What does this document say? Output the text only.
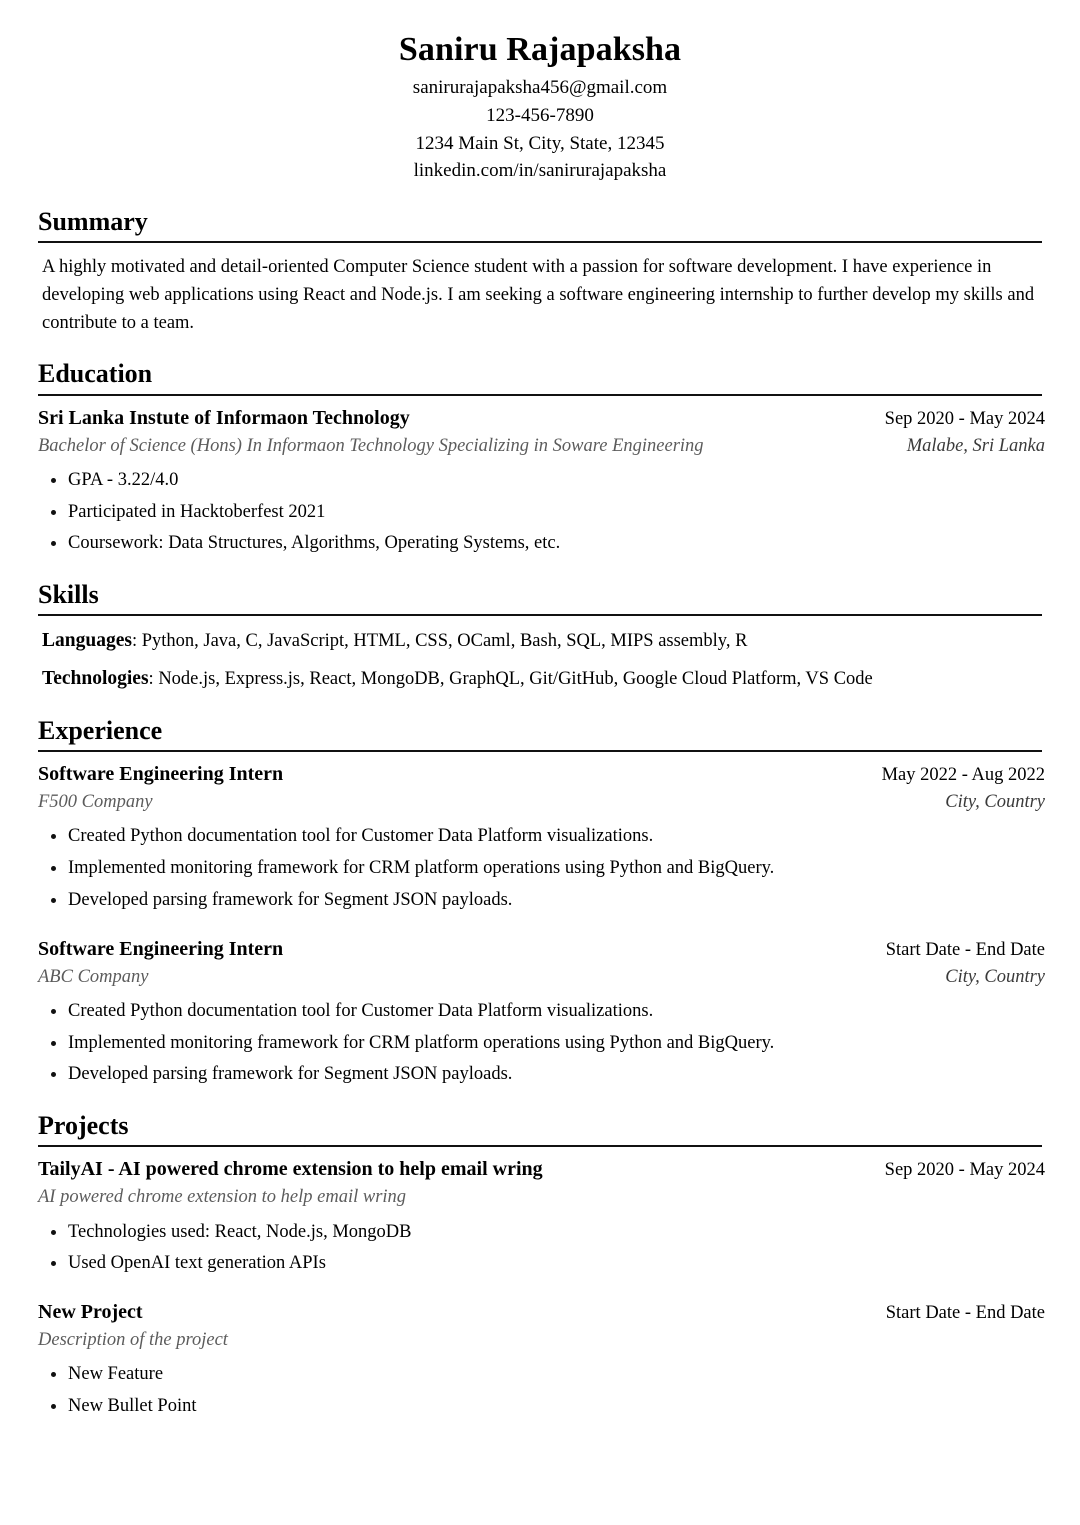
Saniru Rajapaksha
sanirurajapaksha456@gmail.com
123-456-7890
1234 Main St, City, State, 12345
linkedin.com/in/sanirurajapaksha
Summary
A highly motivated and detail-oriented Computer Science student with a passion for software development. I have experience in developing web applications using React and Node.js. I am seeking a software engineering internship to further develop my skills and contribute to a team.
Education
Sri Lanka Instute of Informaon Technology	Sep 2020 - May 2024
Bachelor of Science (Hons) In Informaon Technology Specializing in Soware Engineering	Malabe, Sri Lanka
GPA - 3.22/4.0
Participated in Hacktoberfest 2021
Coursework: Data Structures, Algorithms, Operating Systems, etc.
Skills
Languages: Python, Java, C, JavaScript, HTML, CSS, OCaml, Bash, SQL, MIPS assembly, R
Technologies: Node.js, Express.js, React, MongoDB, GraphQL, Git/GitHub, Google Cloud Platform, VS Code
Experience
Software Engineering Intern	May 2022 - Aug 2022
F500 Company	City, Country
Created Python documentation tool for Customer Data Platform visualizations.
Implemented monitoring framework for CRM platform operations using Python and BigQuery.
Developed parsing framework for Segment JSON payloads.
Software Engineering Intern	Start Date - End Date
ABC Company	City, Country
Created Python documentation tool for Customer Data Platform visualizations.
Implemented monitoring framework for CRM platform operations using Python and BigQuery.
Developed parsing framework for Segment JSON payloads.
Projects
TailyAI - AI powered chrome extension to help email wring	Sep 2020 - May 2024
AI powered chrome extension to help email wring
Technologies used: React, Node.js, MongoDB
Used OpenAI text generation APIs
New Project	Start Date - End Date
Description of the project
New Feature
New Bullet Point
